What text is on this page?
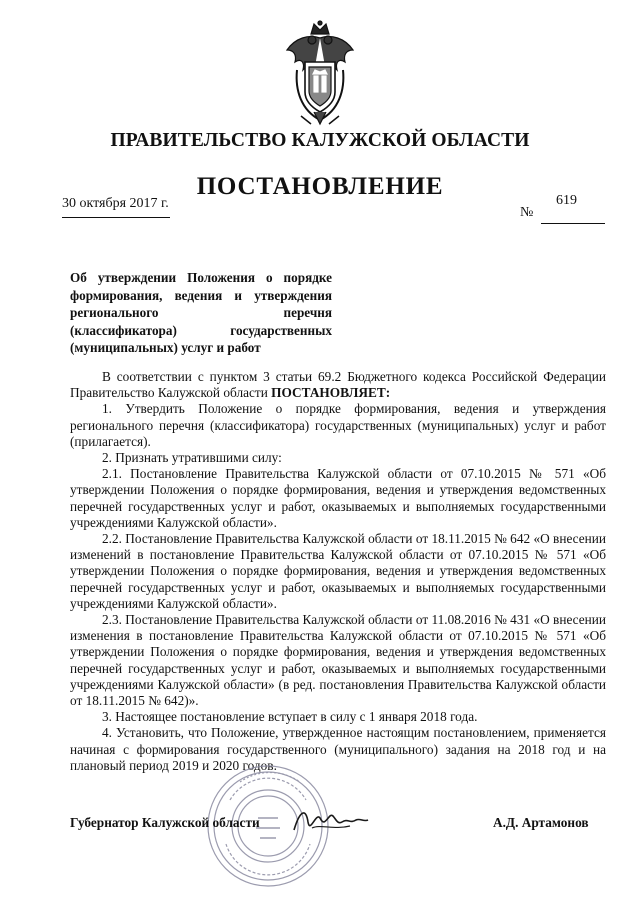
ПРАВИТЕЛЬСТВО КАЛУЖСКОЙ ОБЛАСТИ
ПОСТАНОВЛЕНИЕ
30 октября 2017 г.
№
619
Об утверждении Положения о порядке
формирования, ведения и утверждения
регионального перечня
(классификатора) государственных
(муниципальных) услуг и работ

В соответствии с пунктом 3 статьи 69.2 Бюджетного кодекса Российской Федерации Правительство Калужской области ПОСТАНОВЛЯЕТ:

1. Утвердить Положение о порядке формирования, ведения и утверждения регионального перечня (классификатора) государственных (муниципальных) услуг и работ (прилагается).

2. Признать утратившими силу:

2.1. Постановление Правительства Калужской области от 07.10.2015 № 571 «Об утверждении Положения о порядке формирования, ведения и утверждения ведомственных перечней государственных услуг и работ, оказываемых и выполняемых государственными учреждениями Калужской области».

2.2. Постановление Правительства Калужской области от 18.11.2015 № 642 «О внесении изменений в постановление Правительства Калужской области от 07.10.2015 № 571 «Об утверждении Положения о порядке формирования, ведения и утверждения ведомственных перечней государственных услуг и работ, оказываемых и выполняемых государственными учреждениями Калужской области».

2.3. Постановление Правительства Калужской области от 11.08.2016 № 431 «О внесении изменения в постановление Правительства Калужской области от 07.10.2015 № 571 «Об утверждении Положения о порядке формирования, ведения и утверждения ведомственных перечней государственных услуг и работ, оказываемых и выполняемых государственными учреждениями Калужской области» (в ред. постановления Правительства Калужской области от 18.11.2015 № 642)».

3. Настоящее постановление вступает в силу с 1 января 2018 года.

4. Установить, что Положение, утвержденное настоящим постановлением, применяется начиная с формирования государственного (муниципального) задания на 2018 год и на плановый период 2019 и 2020 годов.

Губернатор Калужской области	А.Д. Артамонов
